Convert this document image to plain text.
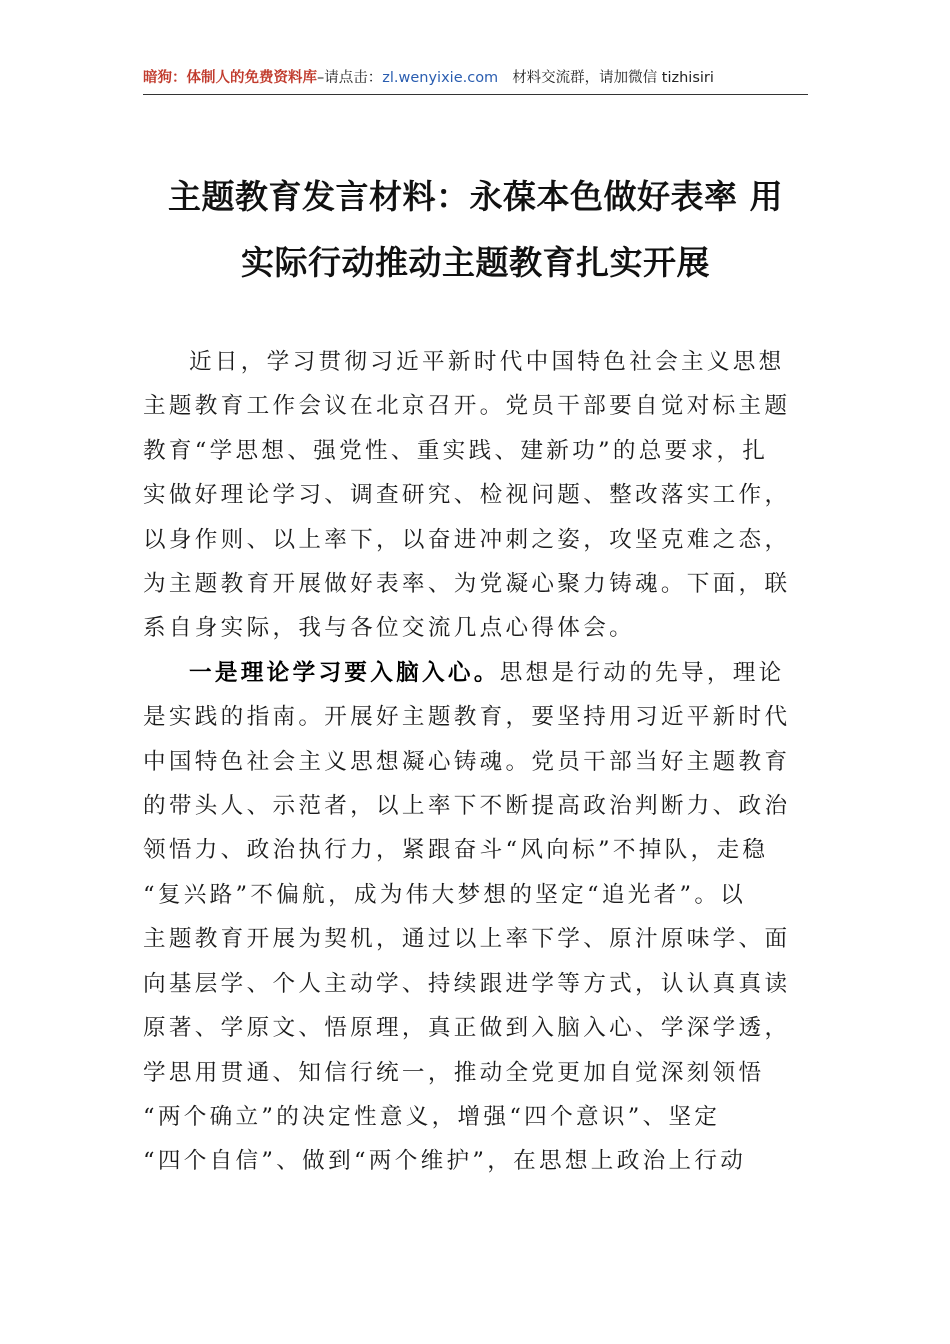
暗狗：体制人的免费资料库–请点击：zl.wenyixie.com 材料交流群，请加微信 tizhisiri
主题教育发言材料：永葆本色做好表率 用
实际行动推动主题教育扎实开展
近日，学习贯彻习近平新时代中国特色社会主义思想
主题教育工作会议在北京召开。党员干部要自觉对标主题
教育“学思想、强党性、重实践、建新功”的总要求，扎
实做好理论学习、调查研究、检视问题、整改落实工作，
以身作则、以上率下，以奋进冲刺之姿，攻坚克难之态，
为主题教育开展做好表率、为党凝心聚力铸魂。下面，联
系自身实际，我与各位交流几点心得体会。
一是理论学习要入脑入心。思想是行动的先导，理论
是实践的指南。开展好主题教育，要坚持用习近平新时代
中国特色社会主义思想凝心铸魂。党员干部当好主题教育
的带头人、示范者，以上率下不断提高政治判断力、政治
领悟力、政治执行力，紧跟奋斗“风向标”不掉队，走稳
“复兴路”不偏航，成为伟大梦想的坚定“追光者”。以
主题教育开展为契机，通过以上率下学、原汁原味学、面
向基层学、个人主动学、持续跟进学等方式，认认真真读
原著、学原文、悟原理，真正做到入脑入心、学深学透，
学思用贯通、知信行统一，推动全党更加自觉深刻领悟
“两个确立”的决定性意义，增强“四个意识”、坚定
“四个自信”、做到“两个维护”，在思想上政治上行动
